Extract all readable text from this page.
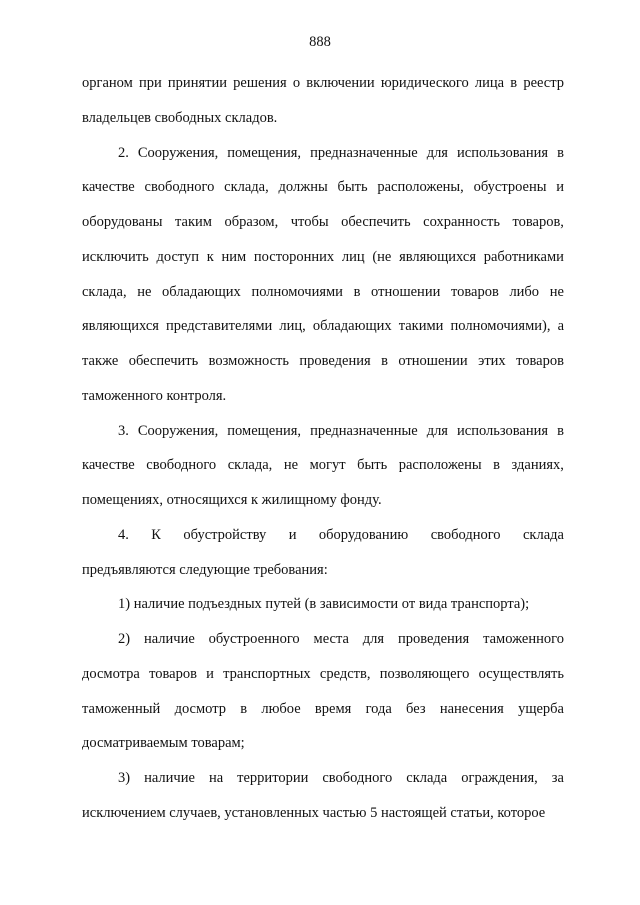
888
органом при принятии решения о включении юридического лица в реестр
владельцев свободных складов.
2. Сооружения, помещения, предназначенные для использования в
качестве свободного склада, должны быть расположены, обустроены и
оборудованы таким образом, чтобы обеспечить сохранность товаров,
исключить доступ к ним посторонних лиц (не являющихся работниками
склада, не обладающих полномочиями в отношении товаров либо не
являющихся представителями лиц, обладающих такими полномочиями), а
также обеспечить возможность проведения в отношении этих товаров
таможенного контроля.
3. Сооружения, помещения, предназначенные для использования в
качестве свободного склада, не могут быть расположены в зданиях,
помещениях, относящихся к жилищному фонду.
4. К обустройству и оборудованию свободного склада
предъявляются следующие требования:
1) наличие подъездных путей (в зависимости от вида транспорта);
2) наличие обустроенного места для проведения таможенного
досмотра товаров и транспортных средств, позволяющего осуществлять
таможенный досмотр в любое время года без нанесения ущерба
досматриваемым товарам;
3) наличие на территории свободного склада ограждения, за
исключением случаев, установленных частью 5 настоящей статьи, которое
